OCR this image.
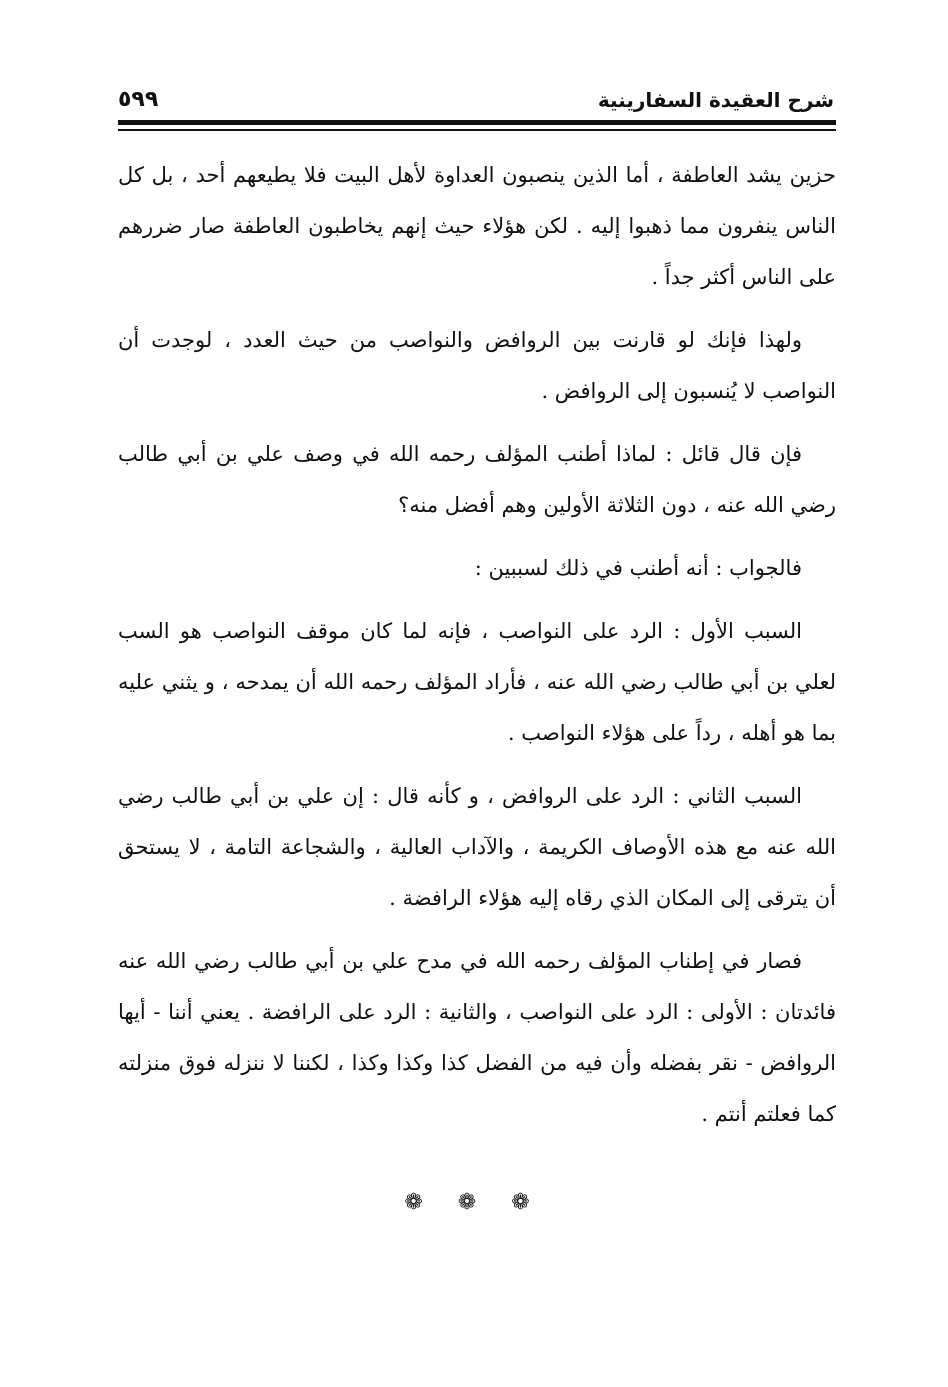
شرح العقيدة السفارينية
٥٩٩

حزين يشد العاطفة ، أما الذين ينصبون العداوة لأهل البيت فلا يطيعهم أحد ، بل كل الناس ينفرون مما ذهبوا إليه . لكن هؤلاء حيث إنهم يخاطبون العاطفة صار ضررهم على الناس أكثر جداً .

ولهذا فإنك لو قارنت بين الروافض والنواصب من حيث العدد ، لوجدت أن النواصب لا يُنسبون إلى الروافض .

فإن قال قائل : لماذا أطنب المؤلف رحمه الله في وصف علي بن أبي طالب رضي الله عنه ، دون الثلاثة الأولين وهم أفضل منه؟

فالجواب : أنه أطنب في ذلك لسببين :

السبب الأول : الرد على النواصب ، فإنه لما كان موقف النواصب هو السب لعلي بن أبي طالب رضي الله عنه ، فأراد المؤلف رحمه الله أن يمدحه ، و يثني عليه بما هو أهله ، رداً على هؤلاء النواصب .

السبب الثاني : الرد على الروافض ، و كأنه قال : إن علي بن أبي طالب رضي الله عنه مع هذه الأوصاف الكريمة ، والآداب العالية ، والشجاعة التامة ، لا يستحق أن يترقى إلى المكان الذي رقاه إليه هؤلاء الرافضة .

فصار في إطناب المؤلف رحمه الله في مدح علي بن أبي طالب رضي الله عنه فائدتان : الأولى : الرد على النواصب ، والثانية : الرد على الرافضة . يعني أننا - أيها الروافض - نقر بفضله وأن فيه من الفضل كذا وكذا وكذا ، لكننا لا ننزله فوق منزلته كما فعلتم أنتم .

❁ ❁ ❁
